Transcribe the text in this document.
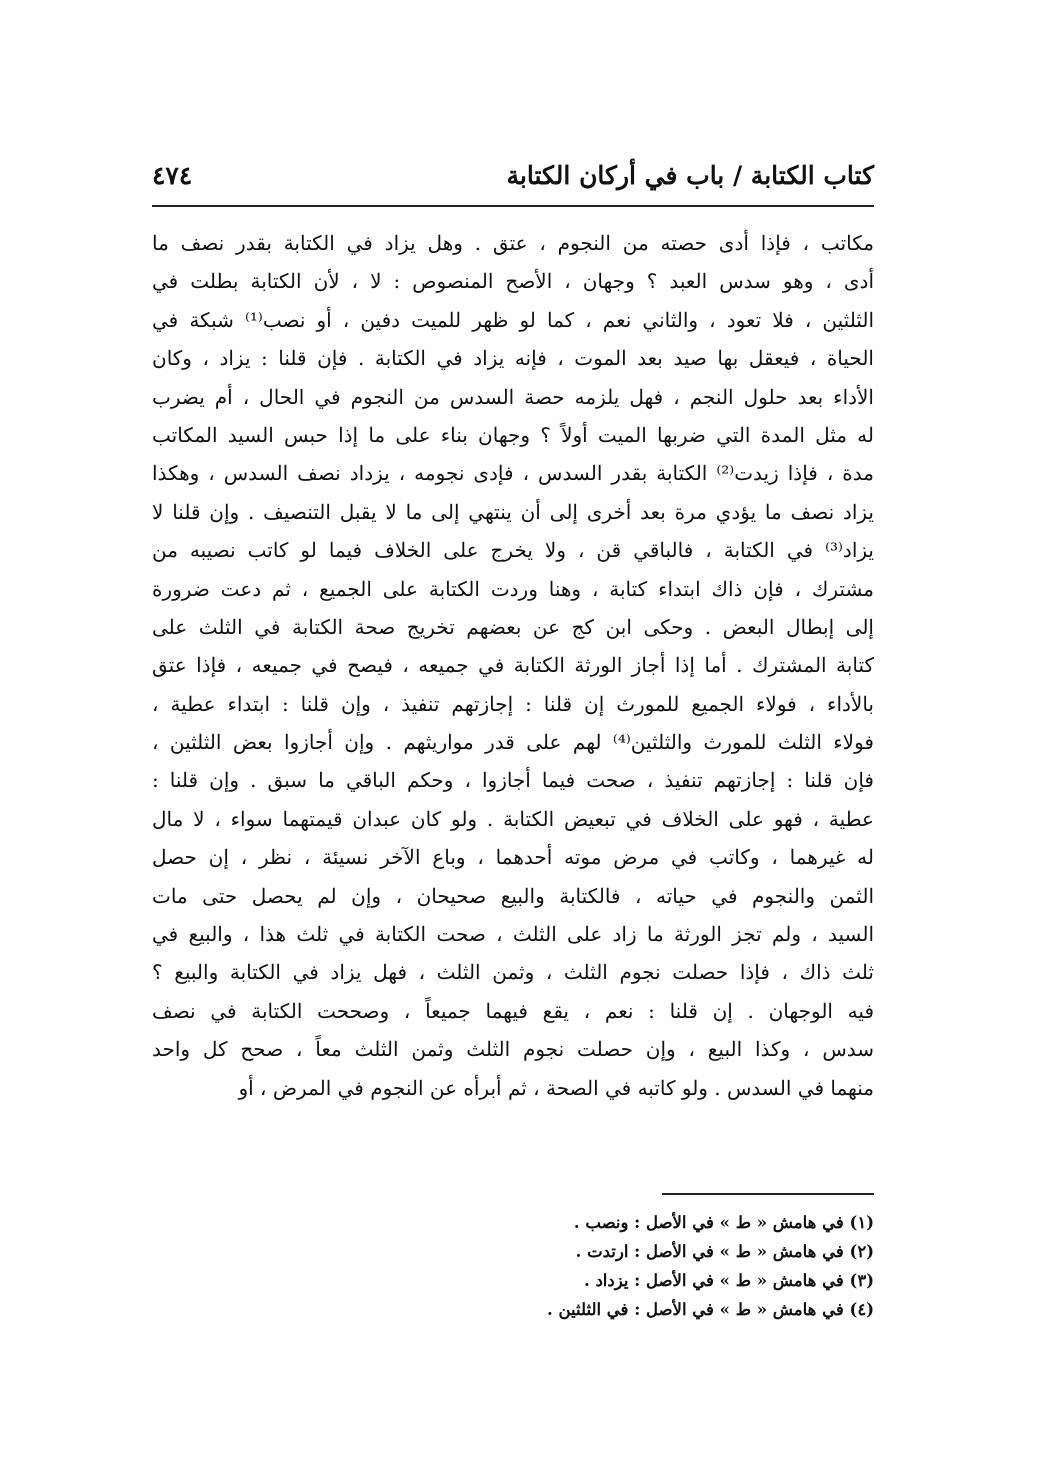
كتاب الكتابة / باب في أركان الكتابة
٤٧٤
مكاتب ، فإذا أدى حصته من النجوم ، عتق . وهل يزاد في الكتابة بقدر نصف ما
أدى ، وهو سدس العبد ؟ وجهان ، الأصح المنصوص : لا ، لأن الكتابة بطلت في
الثلثين ، فلا تعود ، والثاني نعم ، كما لو ظهر للميت دفين ، أو نصب⁽¹⁾ شبكة في
الحياة ، فيعقل بها صيد بعد الموت ، فإنه يزاد في الكتابة . فإن قلنا : يزاد ، وكان
الأداء بعد حلول النجم ، فهل يلزمه حصة السدس من النجوم في الحال ، أم يضرب
له مثل المدة التي ضربها الميت أولاً ؟ وجهان بناء على ما إذا حبس السيد المكاتب
مدة ، فإذا زيدت⁽²⁾ الكتابة بقدر السدس ، فإدى نجومه ، يزداد نصف السدس ، وهكذا
يزاد نصف ما يؤدي مرة بعد أخرى إلى أن ينتهي إلى ما لا يقبل التنصيف . وإن قلنا لا
يزاد⁽³⁾ في الكتابة ، فالباقي قن ، ولا يخرج على الخلاف فيما لو كاتب نصيبه من
مشترك ، فإن ذاك ابتداء كتابة ، وهنا وردت الكتابة على الجميع ، ثم دعت ضرورة
إلى إبطال البعض . وحكى ابن كج عن بعضهم تخريج صحة الكتابة في الثلث على
كتابة المشترك . أما إذا أجاز الورثة الكتابة في جميعه ، فيصح في جميعه ، فإذا عتق
بالأداء ، فولاء الجميع للمورث إن قلنا : إجازتهم تنفيذ ، وإن قلنا : ابتداء عطية ،
فولاء الثلث للمورث والثلثين⁽⁴⁾ لهم على قدر مواريثهم . وإن أجازوا بعض الثلثين ،
فإن قلنا : إجازتهم تنفيذ ، صحت فيما أجازوا ، وحكم الباقي ما سبق . وإن قلنا :
عطية ، فهو على الخلاف في تبعيض الكتابة . ولو كان عبدان قيمتهما سواء ، لا مال
له غيرهما ، وكاتب في مرض موته أحدهما ، وباع الآخر نسيئة ، نظر ، إن حصل
الثمن والنجوم في حياته ، فالكتابة والبيع صحيحان ، وإن لم يحصل حتى مات
السيد ، ولم تجز الورثة ما زاد على الثلث ، صحت الكتابة في ثلث هذا ، والبيع في
ثلث ذاك ، فإذا حصلت نجوم الثلث ، وثمن الثلث ، فهل يزاد في الكتابة والبيع ؟
فيه الوجهان . إن قلنا : نعم ، يقع فيهما جميعاً ، وصححت الكتابة في نصف
سدس ، وكذا البيع ، وإن حصلت نجوم الثلث وثمن الثلث معاً ، صحح كل واحد
منهما في السدس . ولو كاتبه في الصحة ، ثم أبرأه عن النجوم في المرض ، أو
(١) في هامش « ط » في الأصل : ونصب .
(٢) في هامش « ط » في الأصل : ارتدت .
(٣) في هامش « ط » في الأصل : يزداد .
(٤) في هامش « ط » في الأصل : في الثلثين .
